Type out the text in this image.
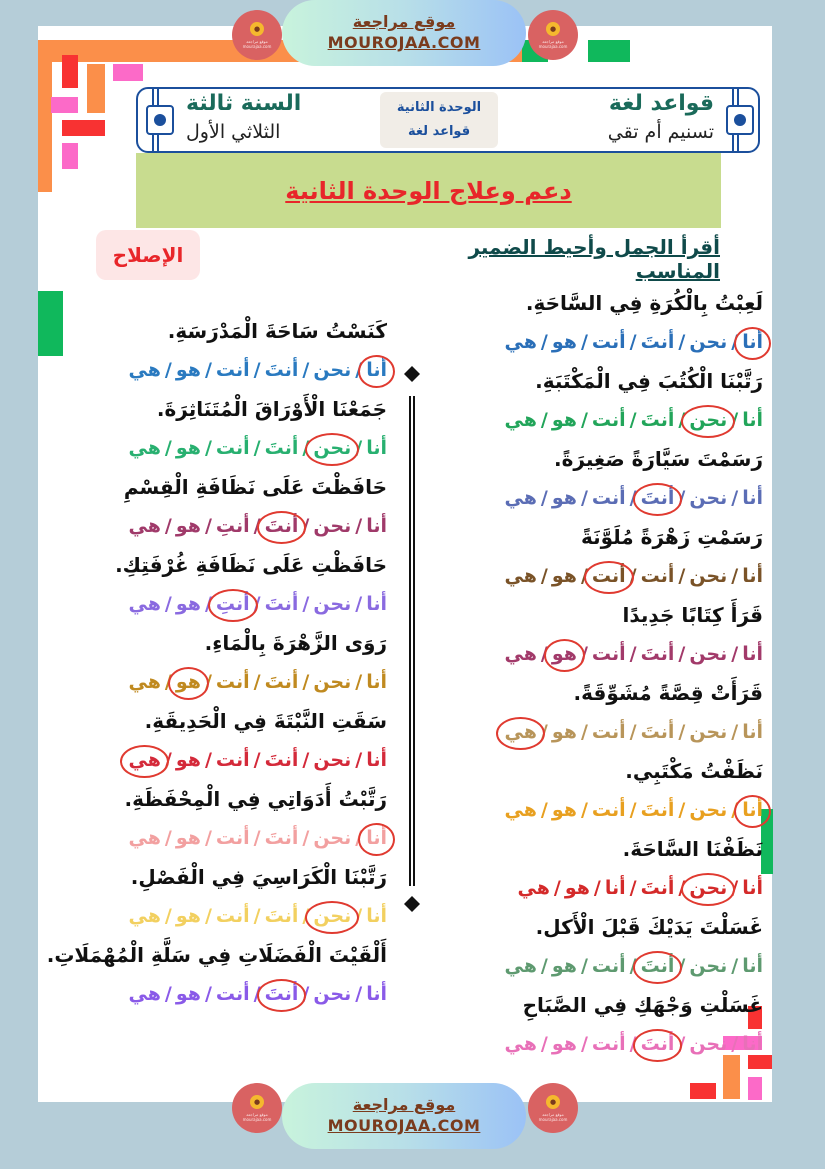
●
موقع مراجعة mourajaa.com
موقع مراجعة
MOUROJAA.COM
●
موقع مراجعة mourajaa.com
قواعد لغة
تسنيم أم تقي
الوحدة الثانية
قواعد لغة
السنة ثالثة
الثلاثي الأول
دعم وعلاج الوحدة الثانية
الإصلاح	أقرأ الجمل وأحيط الضمير المناسب
لَعِبْتُ بِالْكُرَةِ فِي السَّاحَةِ.
أنا/نحن/أنتَ/أنت/هو/هي
رَتَّبْنَا الْكُتُبَ فِي الْمَكْتَبَةِ.
أنا/نحن/أنتَ/أنت/هو/هي
رَسَمْتَ سَيَّارَةً صَغِيرَةً.
أنا/نحن/أنتَ/أنت/هو/هي
رَسَمْتِ زَهْرَةً مُلَوَّنَةً
أنا/نحن/أنت/أنت/هو/هي
قَرَأَ كِتَابًا جَدِيدًا
أنا/نحن/أنتَ/أنت/هو/هي
قَرَأَتْ قِصَّةً مُشَوِّقَةً.
أنا/نحن/أنتَ/أنت/هو/هي
نَظَفْتُ مَكْتَبِي.
أنا/نحن/أنتَ/أنت/هو/هي
نَظَفْنَا السَّاحَةَ.
أنا/نحن/أنتَ/أنا/هو/هي
غَسَلْتَ يَدَيْكَ قَبْلَ الْأَكل.
أنا/نحن/أنتَ/أنت/هو/هي
غَسَلْتِ وَجْهَكِ فِي الصَّبَاحِ
أنا/نحن/أنتَ/أنت/هو/هي
كَنَسْتُ سَاحَةَ الْمَدْرَسَةِ.
أنا/نحن/أنتَ/أنت/هو/هي
جَمَعْنَا الْأَوْرَاقَ الْمُتَنَاثِرَةَ.
أنا/نحن/أنتَ/أنت/هو/هي
حَافَظْتَ عَلَى نَظَافَةِ الْقِسْمِ
أنا/نحن/أنتَ/أنتِ/هو/هي
حَافَظْتِ عَلَى نَظَافَةِ غُرْفَتِكِ.
أنا/نحن/أنتَ/أنتِ/هو/هي
رَوَى الزَّهْرَةَ بِالْمَاءِ.
أنا/نحن/أنتَ/أنت/هو/هي
سَقَتِ النَّبْتَةَ فِي الْحَدِيقَةِ.
أنا/نحن/أنتَ/أنت/هو/هي
رَتَّبْتُ أَدَوَاتِي فِي الْمِحْفَظَةِ.
أنا/نحن/أنتَ/أنت/هو/هي
رَتَّبْنَا الْكَرَاسِيَ فِي الْفَصْلِ.
أنا/نحن/أنتَ/أنت/هو/هي
أَلْقَيْتَ الْفَضَلَاتِ فِي سَلَّةِ الْمُهْمَلَاتِ.
أنا/نحن/أنتَ/أنت/هو/هي
●
موقع مراجعة mourajaa.com
موقع مراجعة
MOUROJAA.COM
●
موقع مراجعة mourajaa.com
